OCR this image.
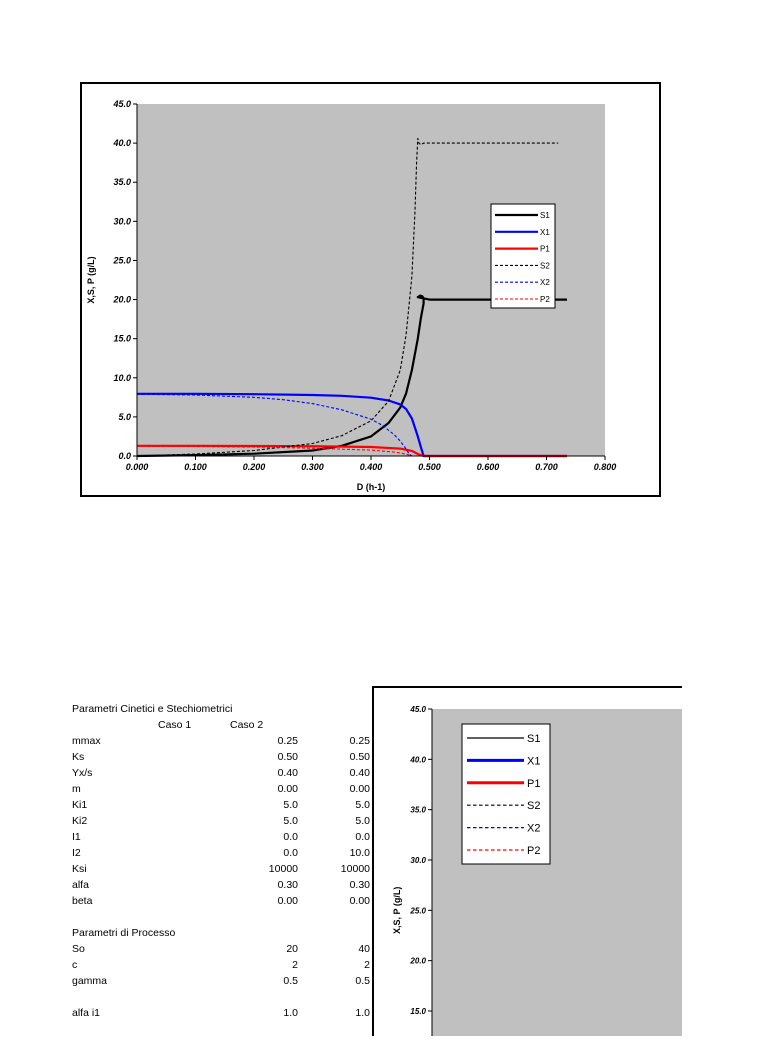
0.0
5.0
10.0
15.0
20.0
25.0
30.0
35.0
40.0
45.0
0.000	0.100	0.200	0.300	0.400	0.500	0.600	0.700	0.800
D (h-1)
X,S, P (g/L)
S1
X1
P1
S2
X2
P2
Parametri Cinetici e Stechiometrici
Caso 1	Caso 2
mmax	0.25	0.25
Ks	0.50	0.50
Yx/s	0.40	0.40
m	0.00	0.00
Ki1	5.0	5.0
Ki2	5.0	5.0
I1	0.0	0.0
I2	0.0	10.0
Ksi	10000	10000
alfa	0.30	0.30
beta	0.00	0.00
Parametri di Processo
So	20	40
c	2	2
gamma	0.5	0.5
alfa i1	1.0	1.0	15.0
20.0
25.0
30.0
35.0
40.0
45.0
X,S, P (g/L)
S1
X1
P1
S2
X2
P2
